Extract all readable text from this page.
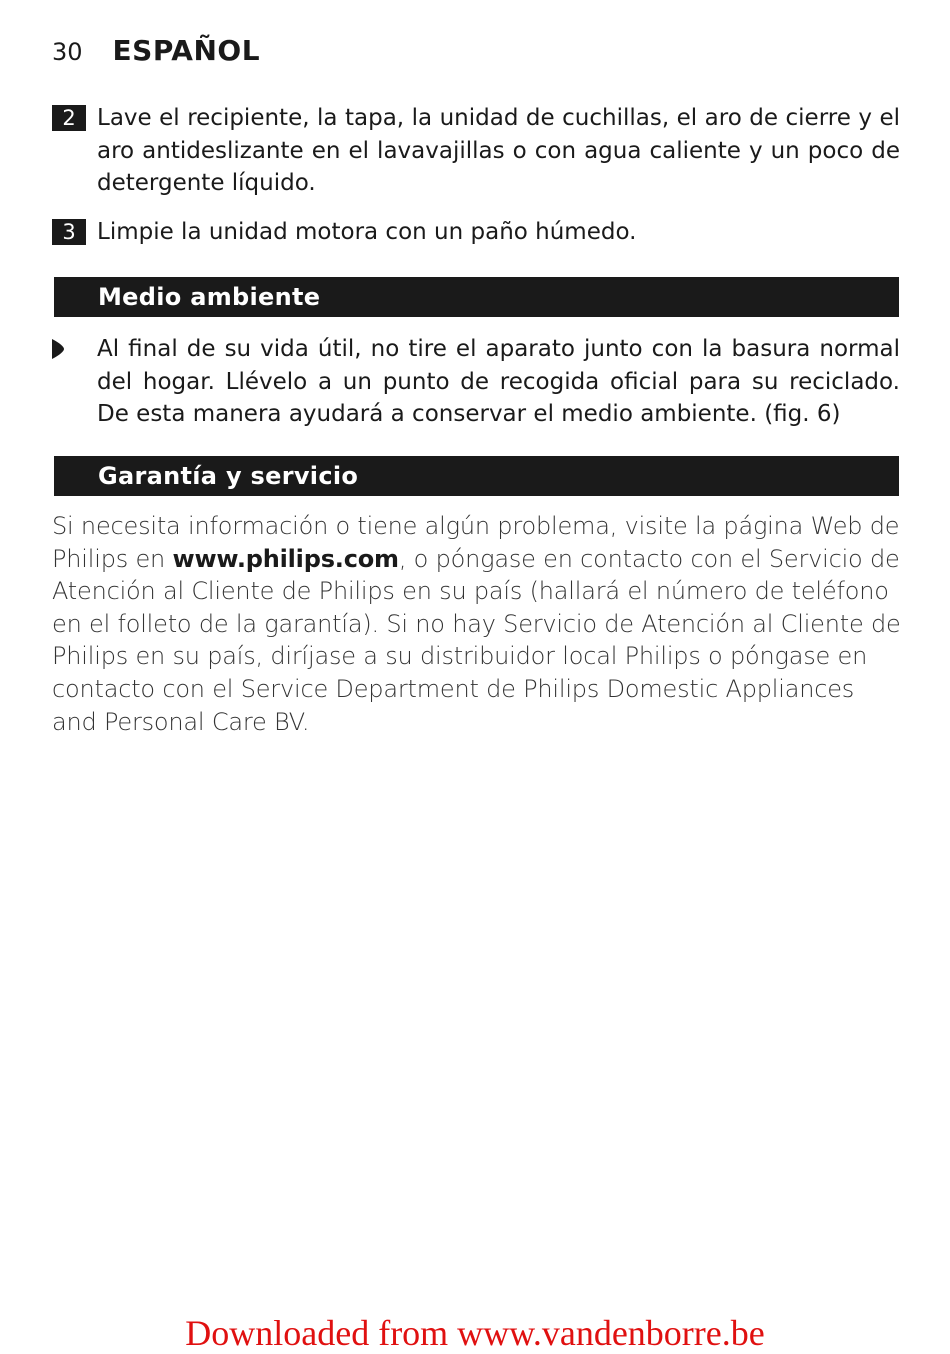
30 ESPAÑOL
2 Lave el recipiente, la tapa, la unidad de cuchillas, el aro de cierre y el aro antideslizante en el lavavajillas o con agua caliente y un poco de detergente líquido.
3 Limpie la unidad motora con un paño húmedo.
Medio ambiente
Al final de su vida útil, no tire el aparato junto con la basura normal del hogar. Llévelo a un punto de recogida oficial para su reciclado. De esta manera ayudará a conservar el medio ambiente. (fig. 6)
Garantía y servicio
Si necesita información o tiene algún problema, visite la página Web de Philips en www.philips.com, o póngase en contacto con el Servicio de Atención al Cliente de Philips en su país (hallará el número de teléfono en el folleto de la garantía). Si no hay Servicio de Atención al Cliente de Philips en su país, diríjase a su distribuidor local Philips o póngase en contacto con el Service Department de Philips Domestic Appliances and Personal Care BV.
Downloaded from www.vandenborre.be
